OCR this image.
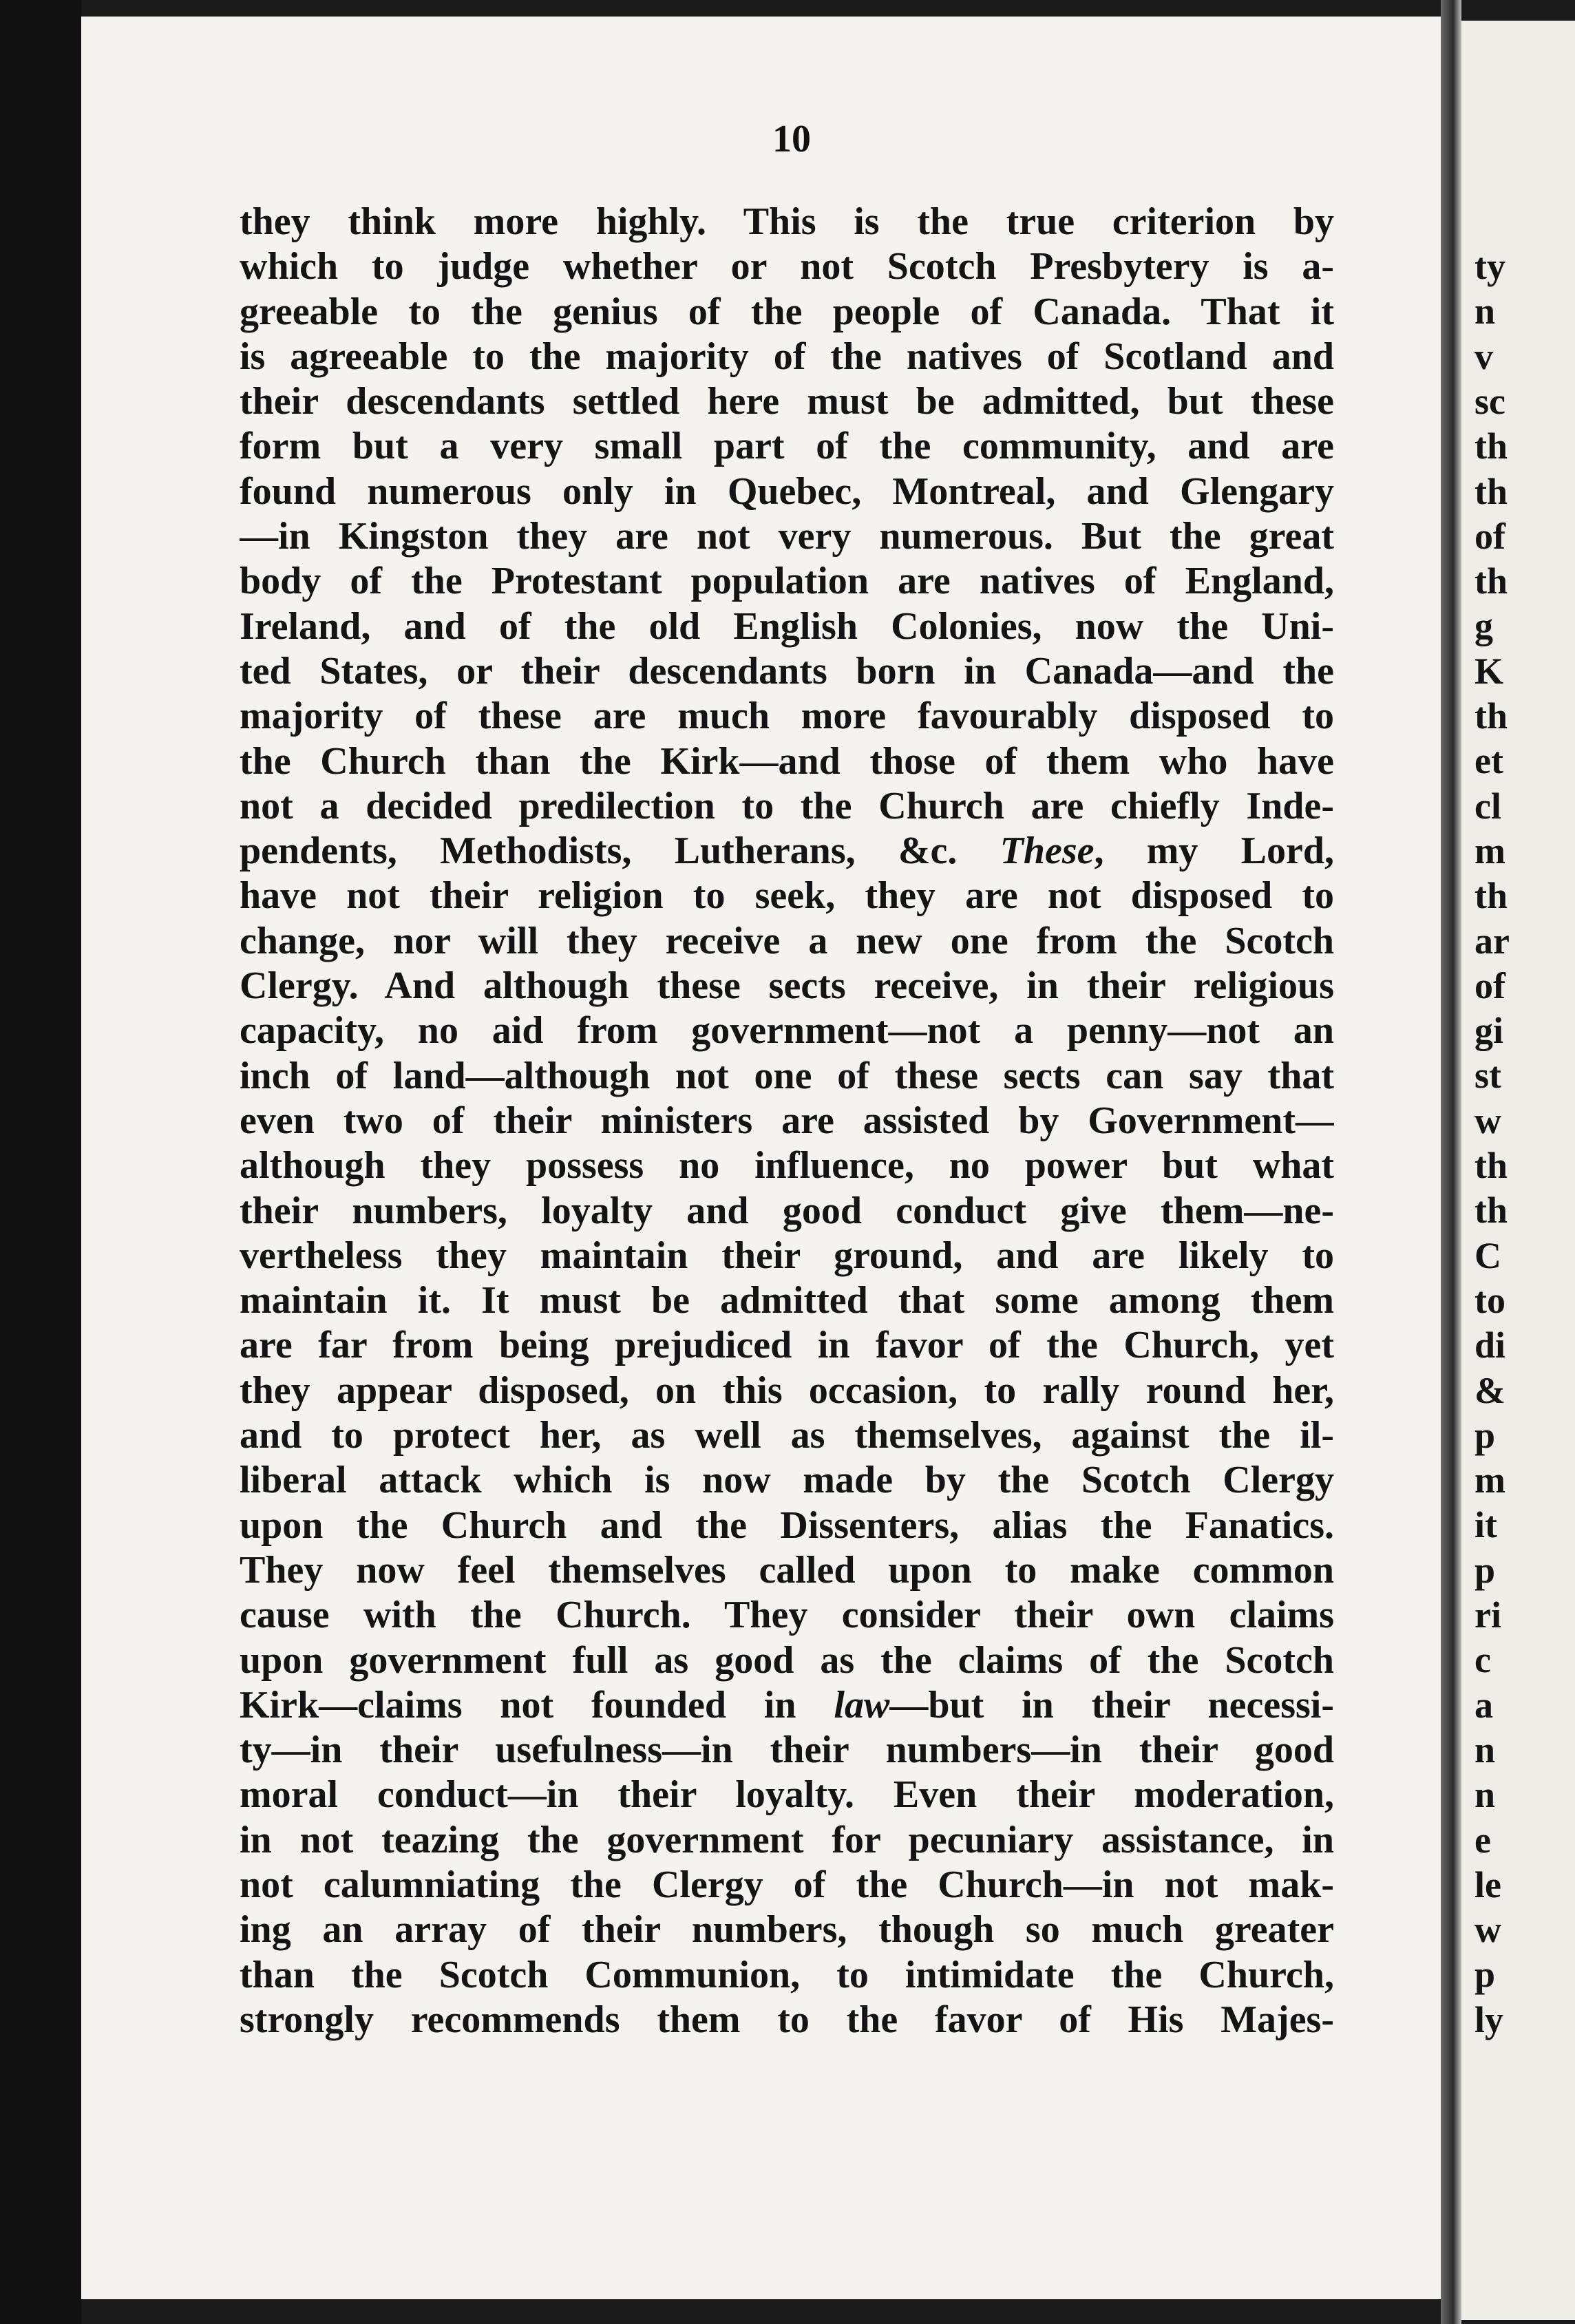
10
they think more highly. This is the true criterion by
which to judge whether or not Scotch Presbytery is a-
greeable to the genius of the people of Canada. That it
is agreeable to the majority of the natives of Scotland and
their descendants settled here must be admitted, but these
form but a very small part of the community, and are
found numerous only in Quebec, Montreal, and Glengary
—in Kingston they are not very numerous. But the great
body of the Protestant population are natives of England,
Ireland, and of the old English Colonies, now the Uni-
ted States, or their descendants born in Canada—and the
majority of these are much more favourably disposed to
the Church than the Kirk—and those of them who have
not a decided predilection to the Church are chiefly Inde-
pendents, Methodists, Lutherans, &c. These, my Lord,
have not their religion to seek, they are not disposed to
change, nor will they receive a new one from the Scotch
Clergy. And although these sects receive, in their religious
capacity, no aid from government—not a penny—not an
inch of land—although not one of these sects can say that
even two of their ministers are assisted by Government—
although they possess no influence, no power but what
their numbers, loyalty and good conduct give them—ne-
vertheless they maintain their ground, and are likely to
maintain it. It must be admitted that some among them
are far from being prejudiced in favor of the Church, yet
they appear disposed, on this occasion, to rally round her,
and to protect her, as well as themselves, against the il-
liberal attack which is now made by the Scotch Clergy
upon the Church and the Dissenters, alias the Fanatics.
They now feel themselves called upon to make common
cause with the Church. They consider their own claims
upon government full as good as the claims of the Scotch
Kirk—claims not founded in law—but in their necessi-
ty—in their usefulness—in their numbers—in their good
moral conduct—in their loyalty. Even their moderation,
in not teazing the government for pecuniary assistance, in
not calumniating the Clergy of the Church—in not mak-
ing an array of their numbers, though so much greater
than the Scotch Communion, to intimidate the Church,
strongly recommends them to the favor of His Majes-
ty
n
v
sc
th
th
of
th
g
K
th
et
cl
m
th
ar
of
gi
st
w
th
th
C
to
di
&
p
m
it
p
ri
c
a
n
n
e
le
w
p
ly
